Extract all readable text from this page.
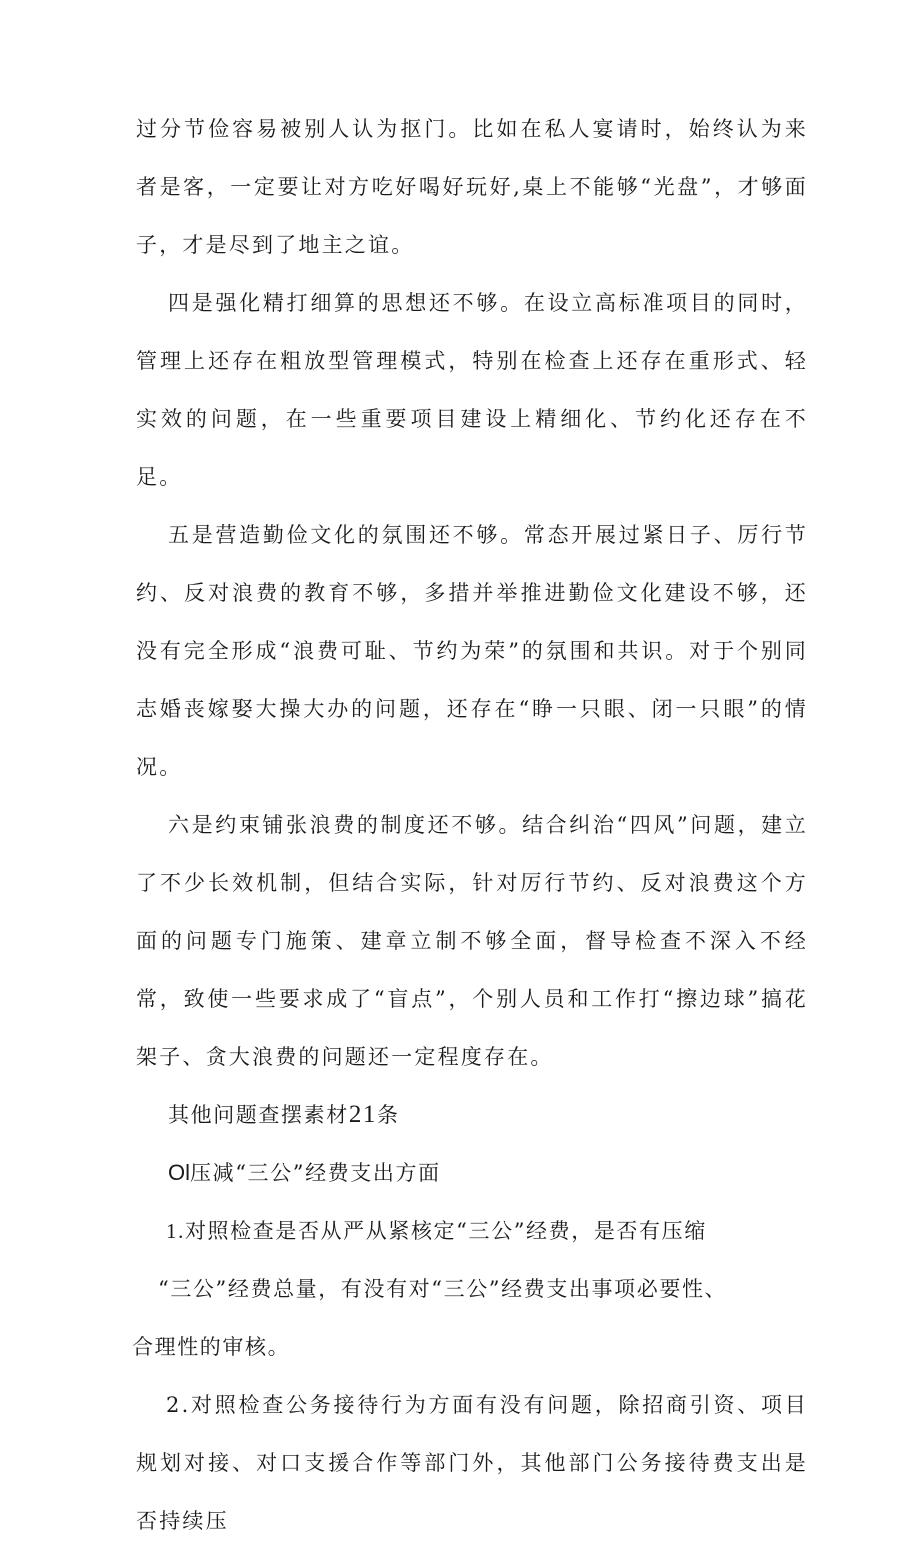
过分节俭容易被别人认为抠门。比如在私人宴请时，始终认为来者是客，一定要让对方吃好喝好玩好,桌上不能够“光盘”，才够面子，才是尽到了地主之谊。

四是强化精打细算的思想还不够。在设立高标准项目的同时，管理上还存在粗放型管理模式，特别在检查上还存在重形式、轻实效的问题，在一些重要项目建设上精细化、节约化还存在不足。

五是营造勤俭文化的氛围还不够。常态开展过紧日子、厉行节约、反对浪费的教育不够，多措并举推进勤俭文化建设不够，还没有完全形成“浪费可耻、节约为荣”的氛围和共识。对于个别同志婚丧嫁娶大操大办的问题，还存在“睁一只眼、闭一只眼”的情况。

六是约束铺张浪费的制度还不够。结合纠治“四风”问题，建立了不少长效机制，但结合实际，针对厉行节约、反对浪费这个方面的问题专门施策、建章立制不够全面，督导检查不深入不经常，致使一些要求成了“盲点”，个别人员和工作打“擦边球”搞花架子、贪大浪费的问题还一定程度存在。

其他问题查摆素材21条

Ol压减“三公”经费支出方面

1.对照检查是否从严从紧核定“三公”经费，是否有压缩
“三公”经费总量，有没有对“三公”经费支出事项必要性、
合理性的审核。

2.对照检查公务接待行为方面有没有问题，除招商引资、项目规划对接、对口支援合作等部门外，其他部门公务接待费支出是否持续压
